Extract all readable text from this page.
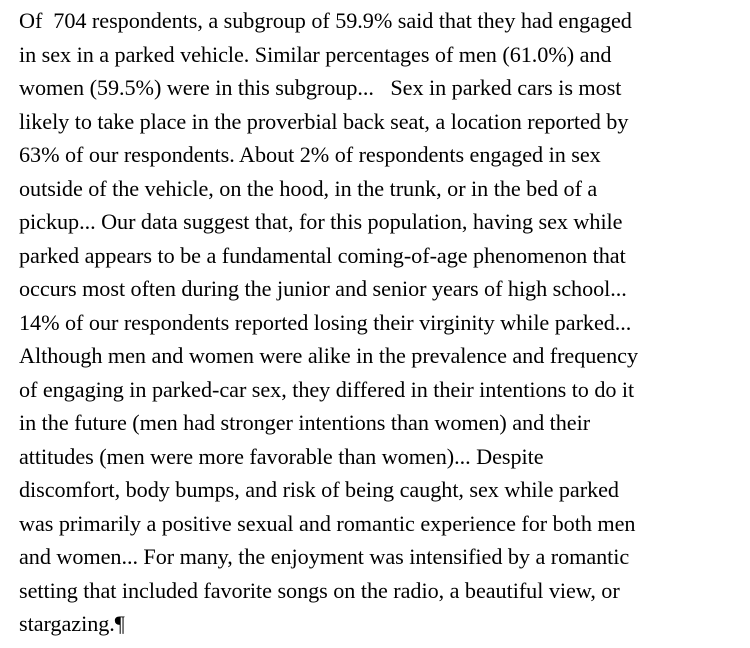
Of  704 respondents, a subgroup of 59.9% said that they had engaged
in sex in a parked vehicle. Similar percentages of men (61.0%) and
women (59.5%) were in this subgroup...   Sex in parked cars is most
likely to take place in the proverbial back seat, a location reported by
63% of our respondents. About 2% of respondents engaged in sex
outside of the vehicle, on the hood, in the trunk, or in the bed of a
pickup... Our data suggest that, for this population, having sex while
parked appears to be a fundamental coming-of-age phenomenon that
occurs most often during the junior and senior years of high school...
14% of our respondents reported losing their virginity while parked...
Although men and women were alike in the prevalence and frequency
of engaging in parked-car sex, they differed in their intentions to do it
in the future (men had stronger intentions than women) and their
attitudes (men were more favorable than women)... Despite
discomfort, body bumps, and risk of being caught, sex while parked
was primarily a positive sexual and romantic experience for both men
and women... For many, the enjoyment was intensified by a romantic
setting that included favorite songs on the radio, a beautiful view, or
stargazing.¶
